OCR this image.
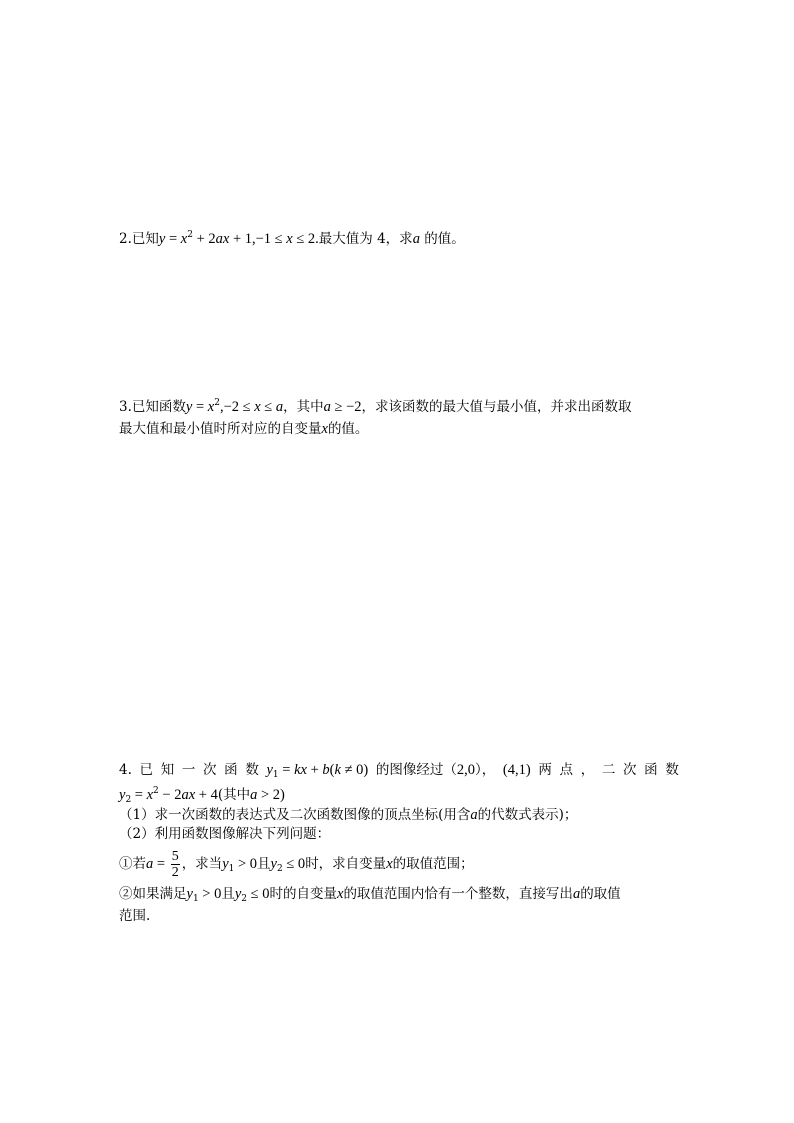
2.已知$y = x^2 + 2ax + 1,-1 \le x \le 2$.最大值为 4，求a 的值。
3.已知函数$y = x^2,-2 \le x \le a$，其中a ≥ −2，求该函数的最大值与最小值，并求出函数取
最大值和最小值时所对应的自变量x的值。
4. 已 知 一 次 函 数 $y_1$ = kx + b(k ≠ 0) 的图像经过（2,0）， (4,1) 两 点 ， 二 次 函 数
$y_2 = x^2 - 2ax + 4$(其中a > 2)
（1）求一次函数的表达式及二次函数图像的顶点坐标(用含a的代数式表示)；
（2）利用函数图像解决下列问题：
①若$a = \frac{5}{2}$ ，求当$y_1 > 0$且$y_2 \le 0$时，求自变量x的取值范围；
②如果满足$y_1 > 0$且$y_2 \le 0$时的自变量x的取值范围内恰有一个整数，直接写出a的取值
范围.
